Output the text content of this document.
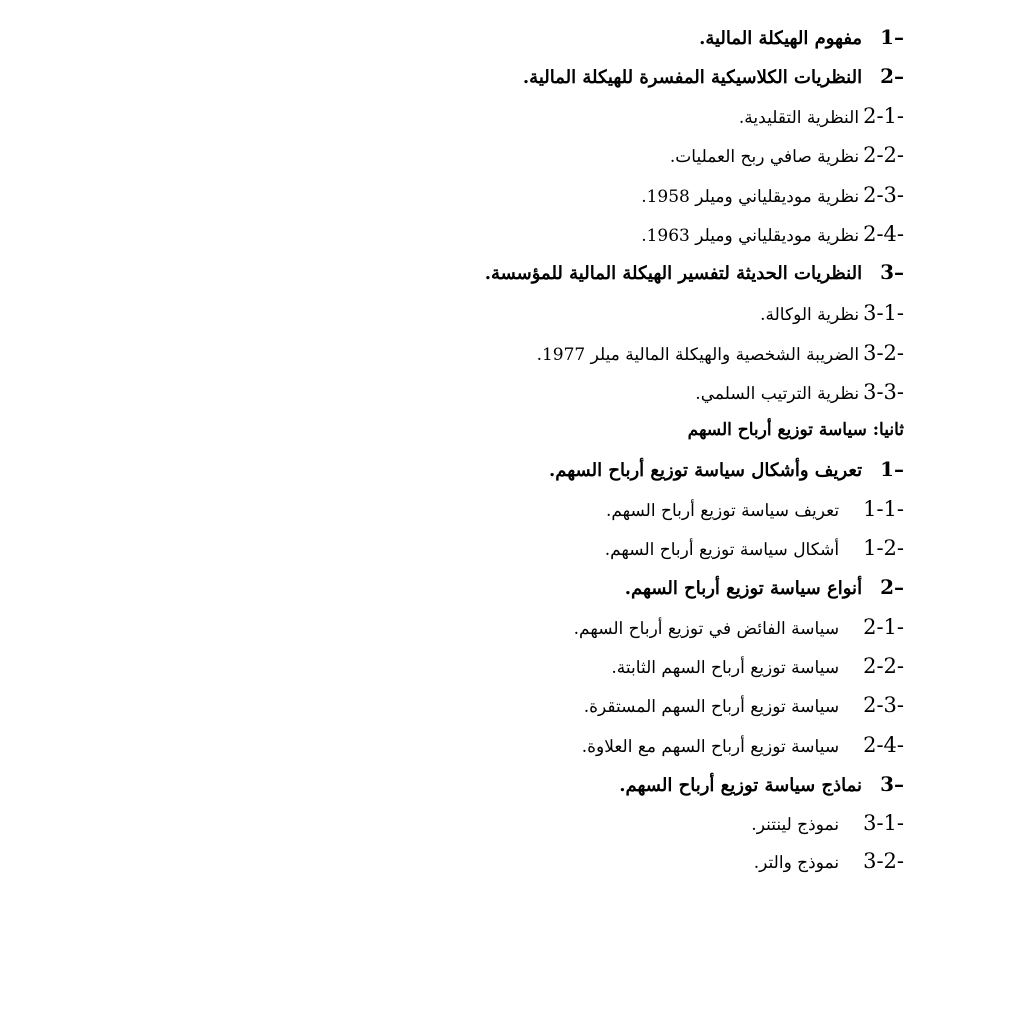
1–
مفهوم الهيكلة المالية.
2–
النظريات الكلاسيكية المفسرة للهيكلة المالية.
2-1-
النظرية التقليدية.
2-2-
نظرية صافي ربح العمليات.
2-3-
نظرية موديقلياني وميلر 1958.
2-4-
نظرية موديقلياني وميلر 1963.
3–
النظريات الحديثة لتفسير الهيكلة المالية للمؤسسة.
3-1-
نظرية الوكالة.
3-2-
الضريبة الشخصية والهيكلة المالية ميلر 1977.
3-3-
نظرية الترتيب السلمي.
ثانيا: سياسة توزيع أرباح السهم
1–
تعريف وأشكال سياسة توزيع أرباح السهم.
1-1-
تعريف سياسة توزيع أرباح السهم.
1-2-
أشكال سياسة توزيع أرباح السهم.
2–
أنواع سياسة توزيع أرباح السهم.
2-1-
سياسة الفائض في توزيع أرباح السهم.
2-2-
سياسة توزيع أرباح السهم الثابتة.
2-3-
سياسة توزيع أرباح السهم المستقرة.
2-4-
سياسة توزيع أرباح السهم مع العلاوة.
3–
نماذج سياسة توزيع أرباح السهم.
3-1-
نموذج لينتنر.
3-2-
نموذج والتر.
